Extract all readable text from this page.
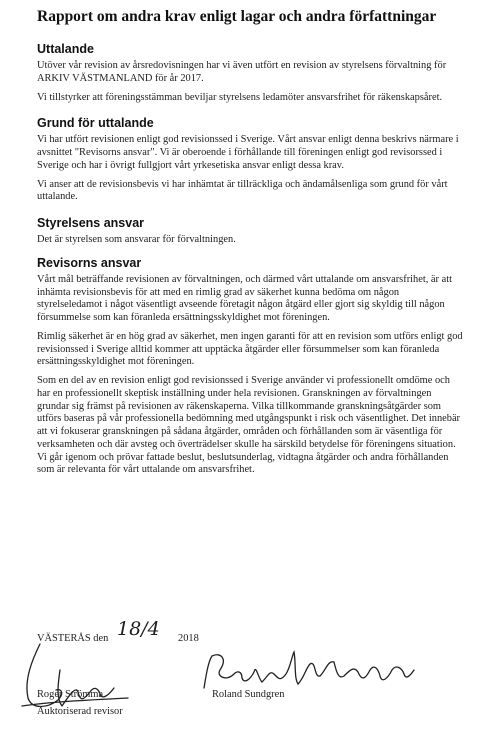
Rapport om andra krav enligt lagar och andra författningar
Uttalande

Utöver vår revision av årsredovisningen har vi även utfört en revision av styrelsens förvaltning för ARKIV VÄSTMANLAND för år 2017.

Vi tillstyrker att föreningsstämman beviljar styrelsens ledamöter ansvarsfrihet för räkenskapsåret.

Grund för uttalande

Vi har utfört revisionen enligt god revisionssed i Sverige. Vårt ansvar enligt denna beskrivs närmare i avsnittet "Revisorns ansvar". Vi är oberoende i förhållande till föreningen enligt god revisorssed i Sverige och har i övrigt fullgjort vårt yrkesetiska ansvar enligt dessa krav.

Vi anser att de revisionsbevis vi har inhämtat är tillräckliga och ändamålsenliga som grund för vårt uttalande.

Styrelsens ansvar

Det är styrelsen som ansvarar för förvaltningen.

Revisorns ansvar

Vårt mål beträffande revisionen av förvaltningen, och därmed vårt uttalande om ansvarsfrihet, är att inhämta revisionsbevis för att med en rimlig grad av säkerhet kunna bedöma om någon styrelseledamot i något väsentligt avseende företagit någon åtgärd eller gjort sig skyldig till någon försummelse som kan föranleda ersättningsskyldighet mot föreningen.

Rimlig säkerhet är en hög grad av säkerhet, men ingen garanti för att en revision som utförs enligt god revisionssed i Sverige alltid kommer att upptäcka åtgärder eller försummelser som kan föranleda ersättningsskyldighet mot föreningen.

Som en del av en revision enligt god revisionssed i Sverige använder vi professionellt omdöme och har en professionellt skeptisk inställning under hela revisionen. Granskningen av förvaltningen grundar sig främst på revisionen av räkenskaperna. Vilka tillkommande granskningsåtgärder som utförs baseras på vår professionella bedömning med utgångspunkt i risk och väsentlighet. Det innebär att vi fokuserar granskningen på sådana åtgärder, områden och förhållanden som är väsentliga för verksamheten och där avsteg och överträdelser skulle ha särskild betydelse för föreningens situation. Vi går igenom och prövar fattade beslut, beslutsunderlag, vidtagna åtgärder och andra förhållanden som är relevanta för vårt uttalande om ansvarsfrihet.

VÄSTERÅS den 18/4 2018
Roger Strömma
Auktoriserad revisor
Roland Sundgren
